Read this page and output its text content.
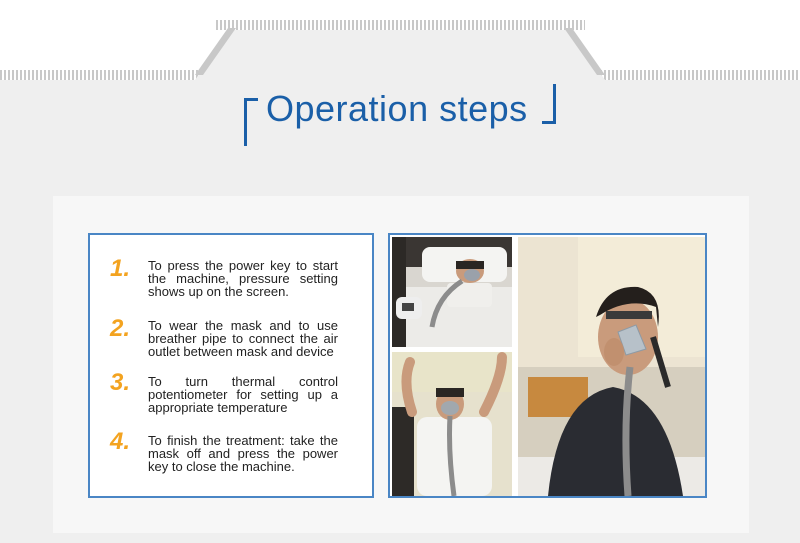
Operation steps
1. To press the power key to start the machine, pressure setting shows up on the screen.
2. To wear the mask and to use breather pipe to connect the air outlet between mask and device
3. To turn thermal control potentiometer for setting up a appropriate temperature
4. To finish the treatment: take the mask off and press the power key to close the machine.
